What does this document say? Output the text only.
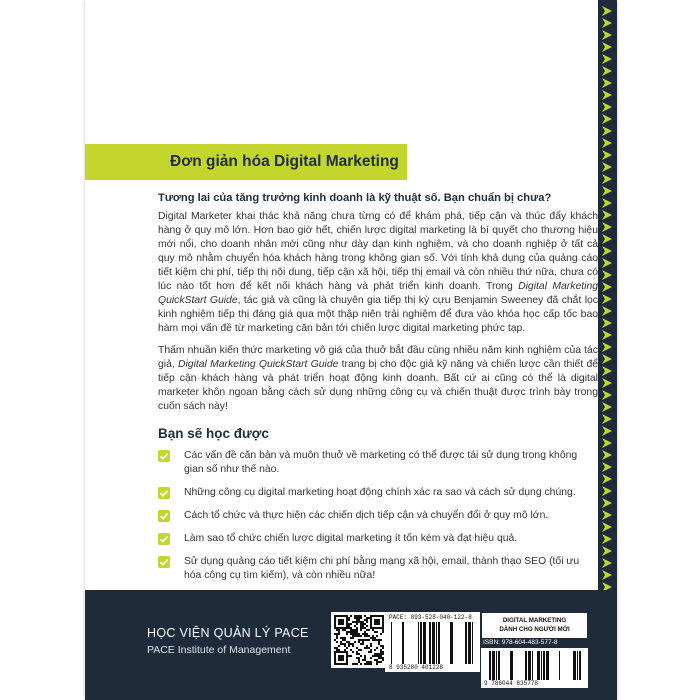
Đơn giản hóa Digital Marketing

Tương lai của tăng trưởng kinh doanh là kỹ thuật số. Bạn chuẩn bị chưa?

Digital Marketer khai thác khả năng chưa từng có để khám phá, tiếp cận và thúc đẩy khách hàng ở quy mô lớn. Hơn bao giờ hết, chiến lược digital marketing là bí quyết cho thương hiệu mới nổi, cho doanh nhân mới cũng như dày dạn kinh nghiệm, và cho doanh nghiệp ở tất cả quy mô nhằm chuyển hóa khách hàng trong không gian số. Với tính khả dụng của quảng cáo tiết kiệm chi phí, tiếp thị nội dung, tiếp cận xã hội, tiếp thị email và còn nhiều thứ nữa, chưa có lúc nào tốt hơn để kết nối khách hàng và phát triển kinh doanh. Trong Digital Marketing QuickStart Guide, tác giả và cũng là chuyên gia tiếp thị kỳ cựu Benjamin Sweeney đã chắt lọc kinh nghiệm tiếp thị đáng giá qua một thập niên trải nghiệm để đưa vào khóa học cấp tốc bao hàm mọi vấn đề từ marketing căn bản tới chiến lược digital marketing phức tạp.

Thấm nhuần kiến thức marketing vô giá của thuở bắt đầu cùng nhiều năm kinh nghiệm của tác giả, Digital Marketing QuickStart Guide trang bị cho độc giả kỹ năng và chiến lược cần thiết để tiếp cận khách hàng và phát triển hoạt động kinh doanh. Bất cứ ai cũng có thể là digital marketer khôn ngoan bằng cách sử dụng những công cụ và chiến thuật được trình bày trong cuốn sách này!

Bạn sẽ học được
Các vấn đề căn bản và muôn thuở về marketing có thể được tái sử dụng trong không gian số như thế nào.
Những công cụ digital marketing hoạt động chính xác ra sao và cách sử dụng chúng.
Cách tổ chức và thực hiện các chiến dịch tiếp cận và chuyển đổi ở quy mô lớn.
Làm sao tổ chức chiến lược digital marketing ít tốn kém và đạt hiệu quả.
Sử dụng quảng cáo tiết kiệm chi phí bằng mạng xã hội, email, thành thạo SEO (tối ưu hóa công cụ tìm kiếm), và còn nhiều nữa!
HỌC VIỆN QUẢN LÝ PACE
PACE Institute of Management
PACE: 893-528-040-122-8
8 935280 401228
DIGITAL MARKETING
DÀNH CHO NGƯỜI MỚI
ISBN: 978-604-483-577-8
9 786044 835778
